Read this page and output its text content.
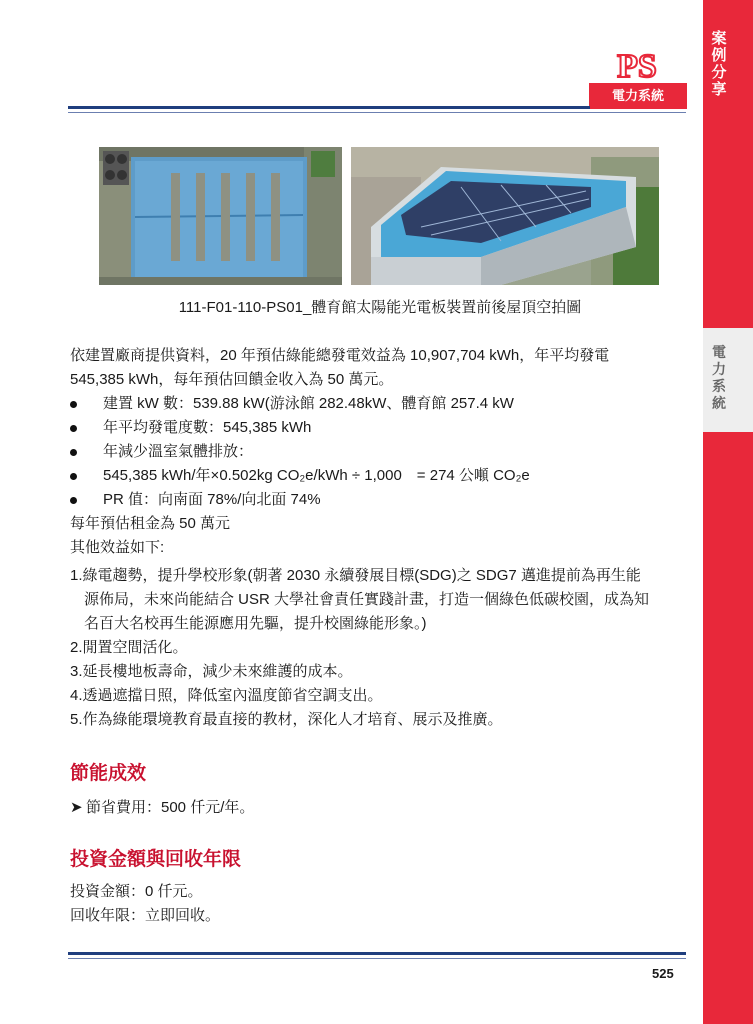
案例分享
電力系統
PS
電力系統
111-F01-110-PS01_體育館太陽能光電板裝置前後屋頂空拍圖
依建置廠商提供資料，20 年預估綠能總發電效益為 10,907,704 kWh，年平均發電
545,385 kWh，每年預估回饋金收入為 50 萬元。
建置 kW 數：539.88 kW(游泳館 282.48kW、體育館 257.4 kW
年平均發電度數：545,385 kWh
年減少溫室氣體排放：
545,385 kWh/年×0.502kg CO₂e/kWh ÷ 1,000　= 274 公噸 CO₂e
PR 值：向南面 78%/向北面 74%
每年預估租金為 50 萬元
其他效益如下:
1.綠電趨勢，提升學校形象(朝著 2030 永續發展目標(SDG)之 SDG7 邁進提前為再生能
源佈局，未來尚能結合 USR 大學社會責任實踐計畫，打造一個綠色低碳校園，成為知
名百大名校再生能源應用先驅，提升校園綠能形象。)
2.閒置空間活化。
3.延長樓地板壽命，減少未來維護的成本。
4.透過遮擋日照，降低室內溫度節省空調支出。
5.作為綠能環境教育最直接的教材，深化人才培育、展示及推廣。
節能成效
➤ 節省費用：500 仟元/年。
投資金額與回收年限
投資金額：0 仟元。
回收年限：立即回收。
525
